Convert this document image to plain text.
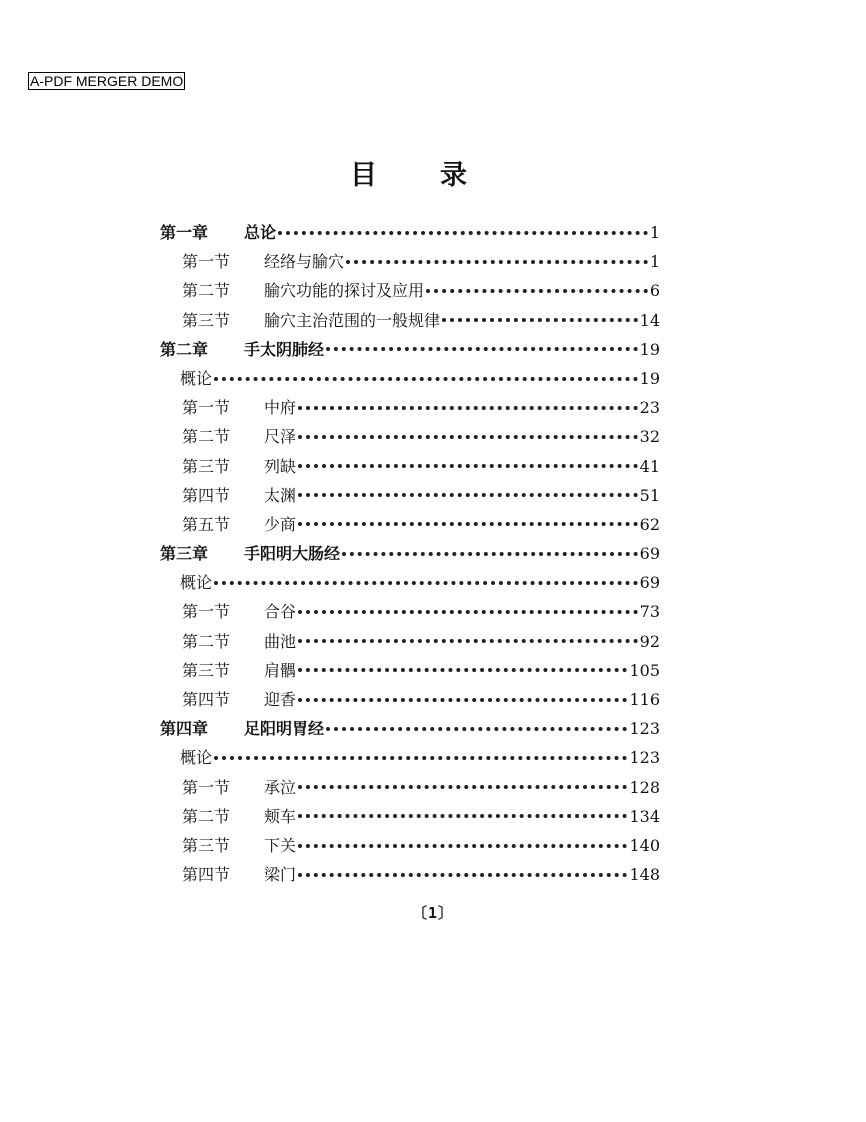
A-PDF MERGER DEMO
目 录
第一章	总论	1
第一节	经络与腧穴	1
第二节	腧穴功能的探讨及应用	6
第三节	腧穴主治范围的一般规律	14
第二章	手太阴肺经	19
概论	19
第一节	中府	23
第二节	尺泽	32
第三节	列缺	41
第四节	太渊	51
第五节	少商	62
第三章	手阳明大肠经	69
概论	69
第一节	合谷	73
第二节	曲池	92
第三节	肩髃	105
第四节	迎香	116
第四章	足阳明胃经	123
概论	123
第一节	承泣	128
第二节	颊车	134
第三节	下关	140
第四节	梁门	148
〔1〕
